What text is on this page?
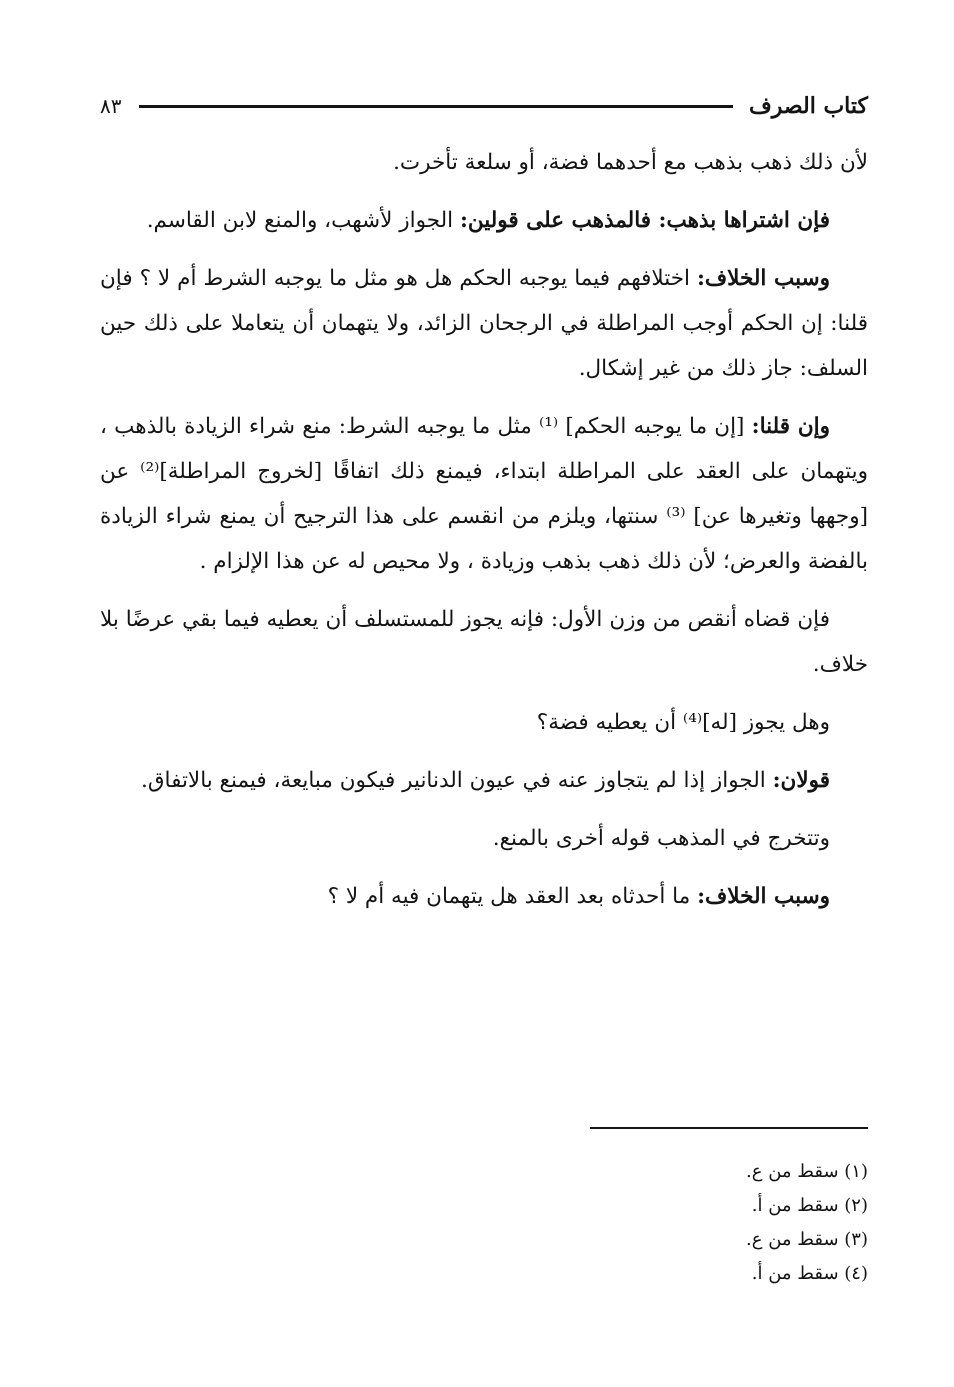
كتاب الصرف
٨٣

لأن ذلك ذهب بذهب مع أحدهما فضة، أو سلعة تأخرت.

فإن اشتراها بذهب: فالمذهب على قولين: الجواز لأشهب، والمنع لابن القاسم.

وسبب الخلاف: اختلافهم فيما يوجبه الحكم هل هو مثل ما يوجبه الشرط أم لا ؟ فإن قلنا: إن الحكم أوجب المراطلة في الرجحان الزائد، ولا يتهمان أن يتعاملا على ذلك حين السلف: جاز ذلك من غير إشكال.

وإن قلنا: [إن ما يوجبه الحكم] ⁽¹⁾ مثل ما يوجبه الشرط: منع شراء الزيادة بالذهب ، ويتهمان على العقد على المراطلة ابتداء، فيمنع ذلك اتفاقًا [لخروج المراطلة]⁽²⁾ عن [وجهها وتغيرها عن] ⁽³⁾ سنتها، ويلزم من انقسم على هذا الترجيح أن يمنع شراء الزيادة بالفضة والعرض؛ لأن ذلك ذهب بذهب وزيادة ، ولا محيص له عن هذا الإلزام .

فإن قضاه أنقص من وزن الأول: فإنه يجوز للمستسلف أن يعطيه فيما بقي عرضًا بلا خلاف.

وهل يجوز [له]⁽⁴⁾ أن يعطيه فضة؟

قولان: الجواز إذا لم يتجاوز عنه في عيون الدنانير فيكون مبايعة، فيمنع بالاتفاق.

وتتخرج في المذهب قوله أخرى بالمنع.

وسبب الخلاف: ما أحدثاه بعد العقد هل يتهمان فيه أم لا ؟

(١) سقط من ع.
(٢) سقط من أ.
(٣) سقط من ع.
(٤) سقط من أ.
